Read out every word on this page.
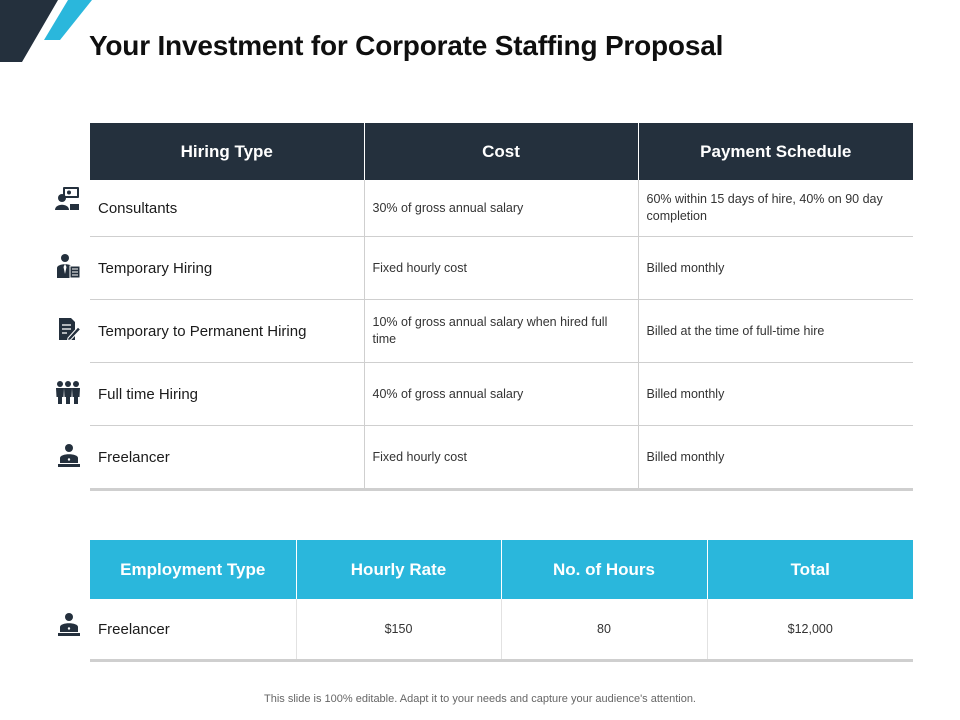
Your Investment for Corporate Staffing Proposal
Hiring Type	Cost	Payment Schedule
Consultants	30% of gross annual salary	60% within 15 days of hire, 40% on 90 day completion
Temporary Hiring	Fixed hourly cost	Billed monthly
Temporary to Permanent Hiring	10% of gross annual salary when hired full time	Billed at the time of full-time hire
Full time Hiring	40% of gross annual salary	Billed monthly
Freelancer	Fixed hourly cost	Billed monthly
Employment Type	Hourly Rate	No. of Hours	Total
Freelancer	$150	80	$12,000
This slide is 100% editable. Adapt it to your needs and capture your audience's attention.
